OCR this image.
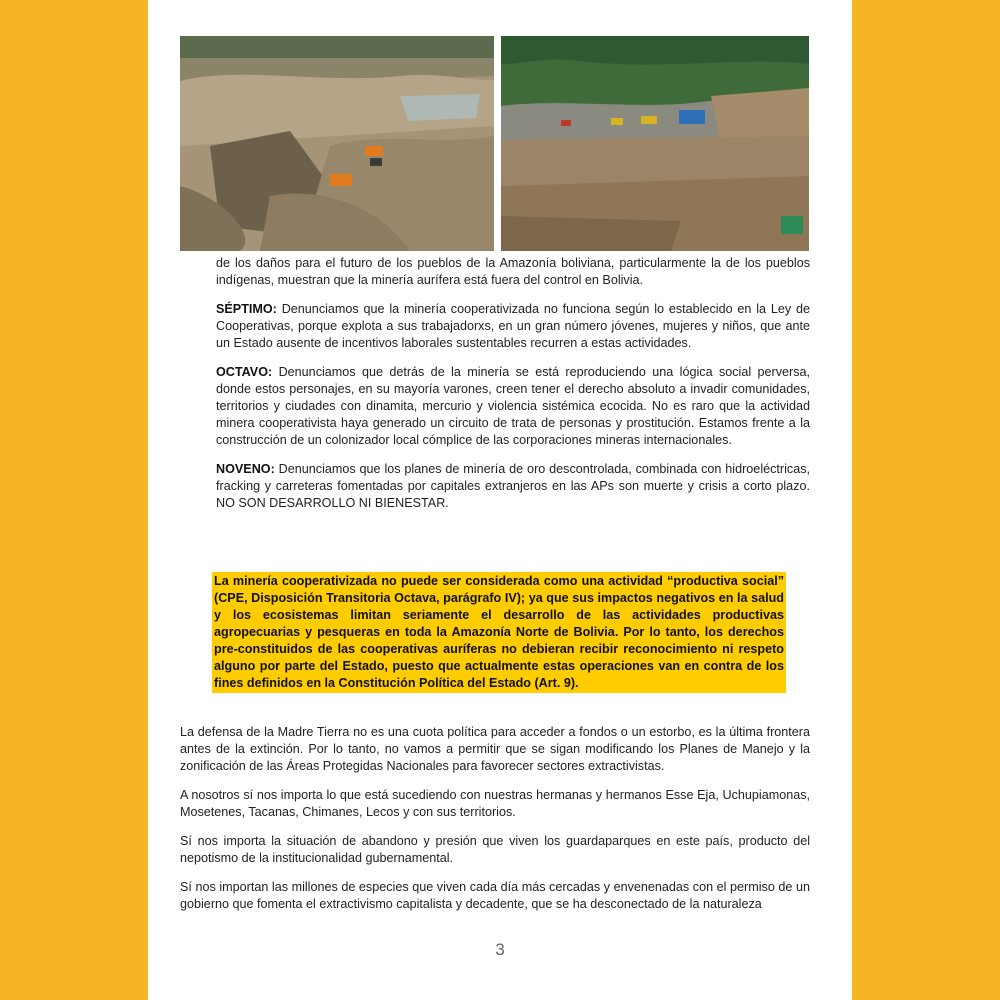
de los daños para el futuro de los pueblos de la Amazonía boliviana, particularmente la de los pueblos indígenas, muestran que la minería aurífera está fuera del control en Bolivia.

SÉPTIMO: Denunciamos que la minería cooperativizada no funciona según lo establecido en la Ley de Cooperativas, porque explota a sus trabajadorxs, en un gran número jóvenes, mujeres y niños, que ante un Estado ausente de incentivos laborales sustentables recurren a estas actividades.

OCTAVO: Denunciamos que detrás de la minería se está reproduciendo una lógica social perversa, donde estos personajes, en su mayoría varones, creen tener el derecho absoluto a invadir comunidades, territorios y ciudades con dinamita, mercurio y violencia sistémica ecocida. No es raro que la actividad minera cooperativista haya generado un circuito de trata de personas y prostitución. Estamos frente a la construcción de un colonizador local cómplice de las corporaciones mineras internacionales.

NOVENO: Denunciamos que los planes de minería de oro descontrolada, combinada con hidroeléctricas, fracking y carreteras fomentadas por capitales extranjeros en las APs son muerte y crisis a corto plazo. NO SON DESARROLLO NI BIENESTAR.

La minería cooperativizada no puede ser considerada como una actividad “productiva social” (CPE, Disposición Transitoria Octava, parágrafo IV); ya que sus impactos negativos en la salud y los ecosistemas limitan seriamente el desarrollo de las actividades productivas agropecuarias y pesqueras en toda la Amazonía Norte de Bolivia. Por lo tanto, los derechos pre-constituidos de las cooperativas auríferas no debieran recibir reconocimiento ni respeto alguno por parte del Estado, puesto que actualmente estas operaciones van en contra de los fines definidos en la Constitución Política del Estado (Art. 9).

La defensa de la Madre Tierra no es una cuota política para acceder a fondos o un estorbo, es la última frontera antes de la extinción. Por lo tanto, no vamos a permitir que se sigan modificando los Planes de Manejo y la zonificación de las Áreas Protegidas Nacionales para favorecer sectores extractivistas.

A nosotros sí nos importa lo que está sucediendo con nuestras hermanas y hermanos Esse Eja, Uchupiamonas, Mosetenes, Tacanas, Chimanes, Lecos y con sus territorios.

Sí nos importa la situación de abandono y presión que viven los guardaparques en este país, producto del nepotismo de la institucionalidad gubernamental.

Sí nos importan las millones de especies que viven cada día más cercadas y envenenadas con el permiso de un gobierno que fomenta el extractivismo capitalista y decadente, que se ha desconectado de la naturaleza

3
